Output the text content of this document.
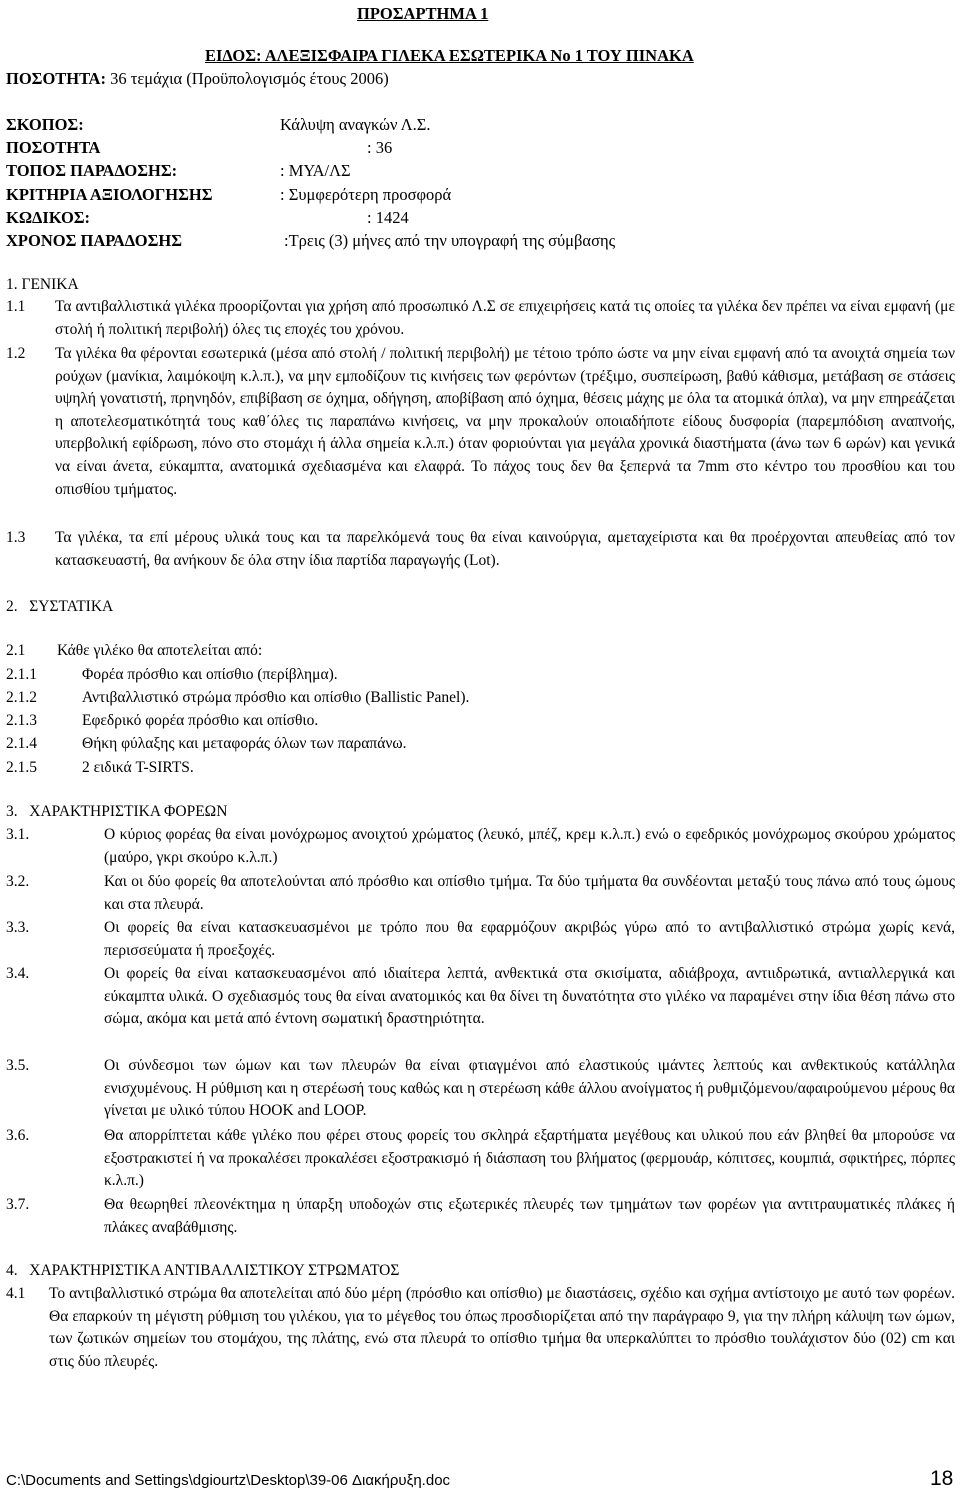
ΠΡΟΣΑΡΤΗΜΑ 1
ΕΙΔΟΣ: ΑΛΕΞΙΣΦΑΙΡΑ ΓΙΛΕΚΑ ΕΣΩΤΕΡΙΚΑ Νο 1 ΤΟΥ ΠΙΝΑΚΑ
ΠΟΣΟΤΗΤΑ: 36 τεμάχια (Προϋπολογισμός έτους 2006)
ΣΚΟΠΟΣ:	Κάλυψη αναγκών Λ.Σ.
ΠΟΣΟΤΗΤΑ	: 36
ΤΟΠΟΣ ΠΑΡΑΔΟΣΗΣ:	: ΜΥΑ/ΛΣ
ΚΡΙΤΗΡΙΑ ΑΞΙΟΛΟΓΗΣΗΣ	: Συμφερότερη προσφορά
ΚΩΔΙΚΟΣ:	: 1424
ΧΡΟΝΟΣ ΠΑΡΑΔΟΣΗΣ	:Τρεις (3) μήνες από την υπογραφή της σύμβασης
1. ΓΕΝΙΚΑ
1.1 Τα αντιβαλλιστικά γιλέκα προορίζονται για χρήση από προσωπικό Λ.Σ σε επιχειρήσεις κατά τις οποίες τα γιλέκα δεν πρέπει να είναι εμφανή (με στολή ή πολιτική περιβολή) όλες τις εποχές του χρόνου.
1.2 Τα γιλέκα θα φέρονται εσωτερικά (μέσα από στολή / πολιτική περιβολή) με τέτοιο τρόπο ώστε να μην είναι εμφανή από τα ανοιχτά σημεία των ρούχων (μανίκια, λαιμόκοψη κ.λ.π.), να μην εμποδίζουν τις κινήσεις των φερόντων (τρέξιμο, συσπείρωση, βαθύ κάθισμα, μετάβαση σε στάσεις υψηλή γονατιστή, πρηνηδόν, επιβίβαση σε όχημα, οδήγηση, αποβίβαση από όχημα, θέσεις μάχης με όλα τα ατομικά όπλα), να μην επηρεάζεται η αποτελεσματικότητά τους καθ΄όλες τις παραπάνω κινήσεις, να μην προκαλούν οποιαδήποτε είδους δυσφορία (παρεμπόδιση αναπνοής, υπερβολική εφίδρωση, πόνο στο στομάχι ή άλλα σημεία κ.λ.π.) όταν φοριούνται για μεγάλα χρονικά διαστήματα (άνω των 6 ωρών) και γενικά να είναι άνετα, εύκαμπτα, ανατομικά σχεδιασμένα και ελαφρά. Το πάχος τους δεν θα ξεπερνά τα 7mm στο κέντρο του προσθίου και του οπισθίου τμήματος.
1.3 Τα γιλέκα, τα επί μέρους υλικά τους και τα παρελκόμενά τους θα είναι καινούργια, αμεταχείριστα και θα προέρχονται απευθείας από τον κατασκευαστή, θα ανήκουν δε όλα στην ίδια παρτίδα παραγωγής (Lot).
2.   ΣΥΣΤΑΤΙΚΑ
2.1 Κάθε γιλέκο θα αποτελείται από:
2.1.1	Φορέα πρόσθιο και οπίσθιο (περίβλημα).
2.1.2	Αντιβαλλιστικό στρώμα πρόσθιο και οπίσθιο (Ballistic Panel).
2.1.3	Εφεδρικό φορέα πρόσθιο και οπίσθιο.
2.1.4	Θήκη φύλαξης και μεταφοράς όλων των παραπάνω.
2.1.5	2 ειδικά T-SIRTS.
3.   ΧΑΡΑΚΤΗΡΙΣΤΙΚΑ ΦΟΡΕΩΝ
3.1.	Ο κύριος φορέας θα είναι μονόχρωμος ανοιχτού χρώματος (λευκό, μπέζ, κρεμ κ.λ.π.) ενώ ο εφεδρικός μονόχρωμος σκούρου χρώματος (μαύρο, γκρι σκούρο κ.λ.π.)
3.2.	Και οι δύο φορείς θα αποτελούνται από πρόσθιο και οπίσθιο τμήμα. Τα δύο τμήματα θα συνδέονται μεταξύ τους πάνω από τους ώμους και στα πλευρά.
3.3.	Οι φορείς θα είναι κατασκευασμένοι με τρόπο που θα εφαρμόζουν ακριβώς γύρω από το αντιβαλλιστικό στρώμα χωρίς κενά, περισσεύματα ή προεξοχές.
3.4.	Οι φορείς θα είναι κατασκευασμένοι από ιδιαίτερα λεπτά, ανθεκτικά στα σκισίματα, αδιάβροχα, αντιιδρωτικά, αντιαλλεργικά και εύκαμπτα υλικά. Ο σχεδιασμός τους θα είναι ανατομικός και θα δίνει τη δυνατότητα στο γιλέκο να παραμένει στην ίδια θέση πάνω στο σώμα, ακόμα και μετά από έντονη σωματική δραστηριότητα.
3.5.	Οι σύνδεσμοι των ώμων και των πλευρών θα είναι φτιαγμένοι από ελαστικούς ιμάντες λεπτούς και ανθεκτικούς κατάλληλα ενισχυμένους. Η ρύθμιση και η στερέωσή τους καθώς και η στερέωση κάθε άλλου ανοίγματος ή ρυθμιζόμενου/αφαιρούμενου μέρους θα γίνεται με υλικό τύπου HOOK and LOOP.
3.6.	Θα απορρίπτεται κάθε γιλέκο που φέρει στους φορείς του σκληρά εξαρτήματα μεγέθους και υλικού που εάν βληθεί θα μπορούσε να εξοστρακιστεί ή να προκαλέσει προκαλέσει εξοστρακισμό ή διάσπαση του βλήματος (φερμουάρ, κόπιτσες, κουμπιά, σφικτήρες, πόρπες κ.λ.π.)
3.7.	Θα θεωρηθεί πλεονέκτημα η ύπαρξη υποδοχών στις εξωτερικές πλευρές των τμημάτων των φορέων για αντιτραυματικές πλάκες ή πλάκες αναβάθμισης.
4.   ΧΑΡΑΚΤΗΡΙΣΤΙΚΑ ΑΝΤΙΒΑΛΛΙΣΤΙΚΟΥ ΣΤΡΩΜΑΤΟΣ
4.1 Το αντιβαλλιστικό στρώμα θα αποτελείται από δύο μέρη (πρόσθιο και οπίσθιο) με διαστάσεις, σχέδιο και σχήμα αντίστοιχο με αυτό των φορέων. Θα επαρκούν τη μέγιστη ρύθμιση του γιλέκου, για το μέγεθος του όπως προσδιορίζεται από την παράγραφο 9, για την πλήρη κάλυψη των ώμων, των ζωτικών σημείων του στομάχου, της πλάτης, ενώ στα πλευρά το οπίσθιο τμήμα θα υπερκαλύπτει το πρόσθιο τουλάχιστον δύο (02) cm και στις δύο πλευρές.
C:\Documents and Settings\dgiourtz\Desktop\39-06 Διακήρυξη.doc	18
